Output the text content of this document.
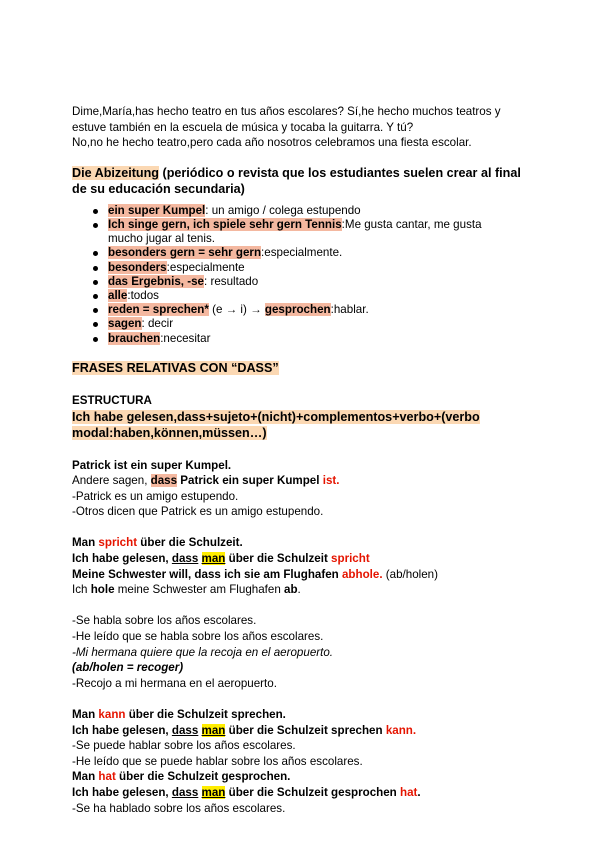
Dime,María,has hecho teatro en tus años escolares? Sí,he hecho muchos teatros y

estuve también en la escuela de música y tocaba la guitarra. Y tú?

No,no he hecho teatro,pero cada año nosotros celebramos una fiesta escolar.

Die Abizeitung (periódico o revista que los estudiantes suelen crear al final

de su educación secundaria)

ein super Kumpel: un amigo / colega estupendo
Ich singe gern, ich spiele sehr gern Tennis:Me gusta cantar, me gusta
mucho jugar al tenis.
besonders gern = sehr gern:especialmente.
besonders:especialmente
das Ergebnis, -se: resultado
alle:todos
reden = sprechen* (e → i) → gesprochen:hablar.
sagen: decir
brauchen:necesitar

FRASES RELATIVAS CON “DASS”

ESTRUCTURA

Ich habe gelesen,dass+sujeto+(nicht)+complementos+verbo+(verbo

modal:haben,können,müssen…)

Patrick ist ein super Kumpel.

Andere sagen, dass Patrick ein super Kumpel ist.

-Patrick es un amigo estupendo.

-Otros dicen que Patrick es un amigo estupendo.

Man spricht über die Schulzeit.

Ich habe gelesen, dass man über die Schulzeit spricht

Meine Schwester will, dass ich sie am Flughafen abhole. (ab/holen)

Ich hole meine Schwester am Flughafen ab.

-Se habla sobre los años escolares.

-He leído que se habla sobre los años escolares.

-Mi hermana quiere que la recoja en el aeropuerto.

(ab/holen = recoger)

-Recojo a mi hermana en el aeropuerto.

Man kann über die Schulzeit sprechen.

Ich habe gelesen, dass man über die Schulzeit sprechen kann.

-Se puede hablar sobre los años escolares.

-He leído que se puede hablar sobre los años escolares.

Man hat über die Schulzeit gesprochen.

Ich habe gelesen, dass man über die Schulzeit gesprochen hat.

-Se ha hablado sobre los años escolares.
